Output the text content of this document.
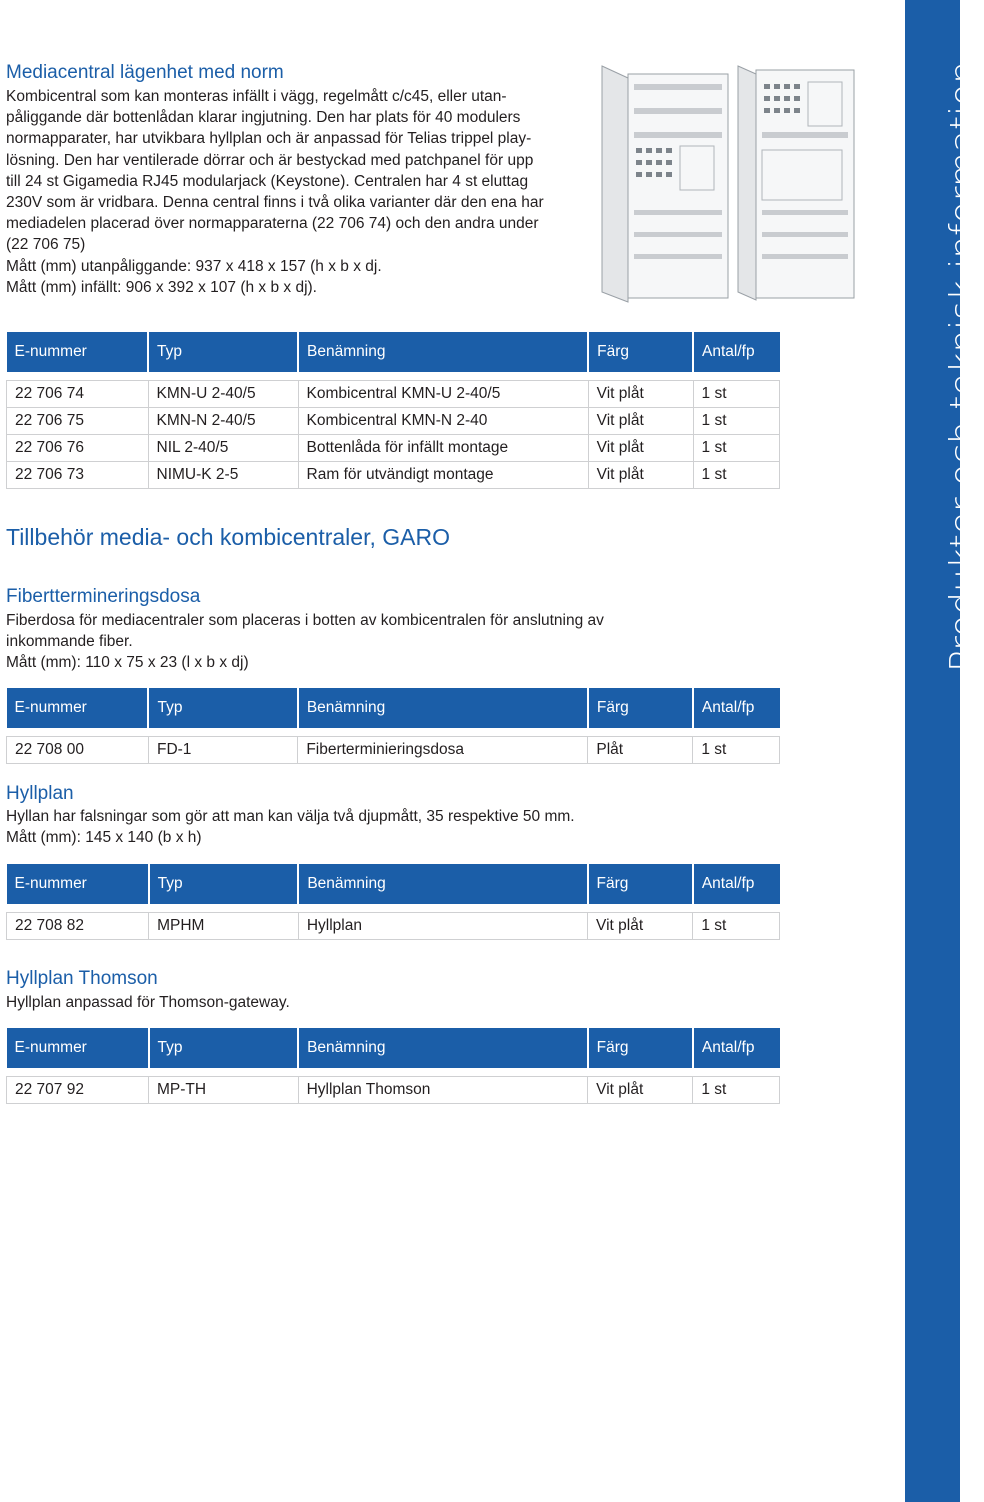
Produkter och teknisk information
Mediacentral lägenhet med norm
Kombicentral som kan monteras infällt i vägg, regelmått c/c45, eller utan-
påliggande där bottenlådan klarar ingjutning. Den har plats för 40 modulers
normapparater, har utvikbara hyllplan och är anpassad för Telias trippel play-
lösning. Den har ventilerade dörrar och är bestyckad med patchpanel för upp
till 24 st Gigamedia RJ45 modularjack (Keystone). Centralen har 4 st eluttag
230V som är vridbara. Denna central finns i två olika varianter där den ena har
mediadelen placerad över normapparaterna (22 706 74) och den andra under
(22 706 75)
Mått (mm) utanpåliggande: 937 x 418 x 157 (h x b x dj.
Mått (mm) infällt: 906 x 392 x 107 (h x b x dj).
E-nummer	Typ	Benämning	Färg	Antal/fp

22 706 74	KMN-U 2-40/5	Kombicentral KMN-U 2-40/5	Vit plåt	1 st
22 706 75	KMN-N 2-40/5	Kombicentral KMN-N 2-40	Vit plåt	1 st
22 706 76	NIL 2-40/5	Bottenlåda för infällt montage	Vit plåt	1 st
22 706 73	NIMU-K 2-5	Ram för utvändigt montage	Vit plåt	1 st
Tillbehör media- och kombicentraler, GARO
Fiberttermineringsdosa
Fiberdosa för mediacentraler som placeras i botten av kombicentralen för anslutning av
inkommande fiber.
Mått (mm): 110 x 75 x 23 (l x b x dj)
E-nummer	Typ	Benämning	Färg	Antal/fp

22 708 00	FD-1	Fiberterminieringsdosa	Plåt	1 st
Hyllplan
Hyllan har falsningar som gör att man kan välja två djupmått, 35 respektive 50 mm.
Mått (mm): 145 x 140 (b x h)
E-nummer	Typ	Benämning	Färg	Antal/fp

22 708 82	MPHM	Hyllplan	Vit plåt	1 st
Hyllplan Thomson
Hyllplan anpassad för Thomson-gateway.
E-nummer	Typ	Benämning	Färg	Antal/fp

22 707 92	MP-TH	Hyllplan Thomson	Vit plåt	1 st
